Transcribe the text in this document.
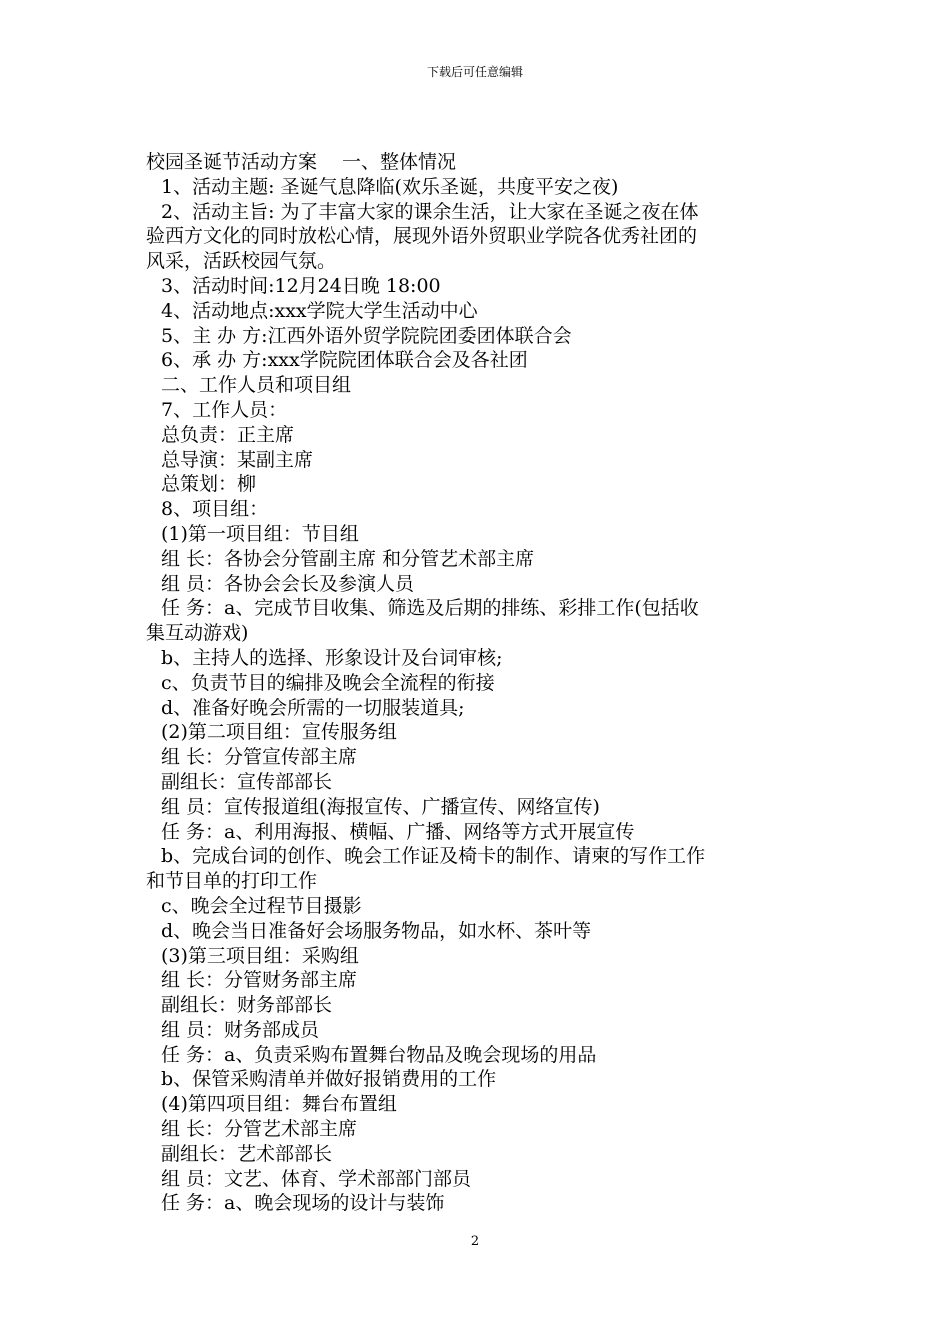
下载后可任意编辑
校园圣诞节活动方案　 一、整体情况
1、活动主题: 圣诞气息降临(欢乐圣诞，共度平安之夜)
2、活动主旨: 为了丰富大家的课余生活，让大家在圣诞之夜在体
验西方文化的同时放松心情，展现外语外贸职业学院各优秀社团的
风采，活跃校园气氛。
3、活动时间:12月24日晚 18:00
4、活动地点:xxx学院大学生活动中心
5、主 办 方:江西外语外贸学院院团委团体联合会
6、承 办 方:xxx学院院团体联合会及各社团
二、工作人员和项目组
7、工作人员：
总负责：正主席
总导演：某副主席
总策划：柳
8、项目组：
(1)第一项目组：节目组
组 长：各协会分管副主席 和分管艺术部主席
组 员：各协会会长及参演人员
任 务：a、完成节目收集、筛选及后期的排练、彩排工作(包括收
集互动游戏)
b、主持人的选择、形象设计及台词审核;
c、负责节目的编排及晚会全流程的衔接
d、准备好晚会所需的一切服装道具;
(2)第二项目组：宣传服务组
组 长：分管宣传部主席
副组长：宣传部部长
组 员：宣传报道组(海报宣传、广播宣传、网络宣传)
任 务：a、利用海报、横幅、广播、网络等方式开展宣传
b、完成台词的创作、晚会工作证及椅卡的制作、请柬的写作工作
和节目单的打印工作
c、晚会全过程节目摄影
d、晚会当日准备好会场服务物品，如水杯、茶叶等
(3)第三项目组：采购组
组 长：分管财务部主席
副组长：财务部部长
组 员：财务部成员
任 务：a、负责采购布置舞台物品及晚会现场的用品
b、保管采购清单并做好报销费用的工作
(4)第四项目组：舞台布置组
组 长：分管艺术部主席
副组长：艺术部部长
组 员：文艺、体育、学术部部门部员
任 务：a、晚会现场的设计与装饰
2
